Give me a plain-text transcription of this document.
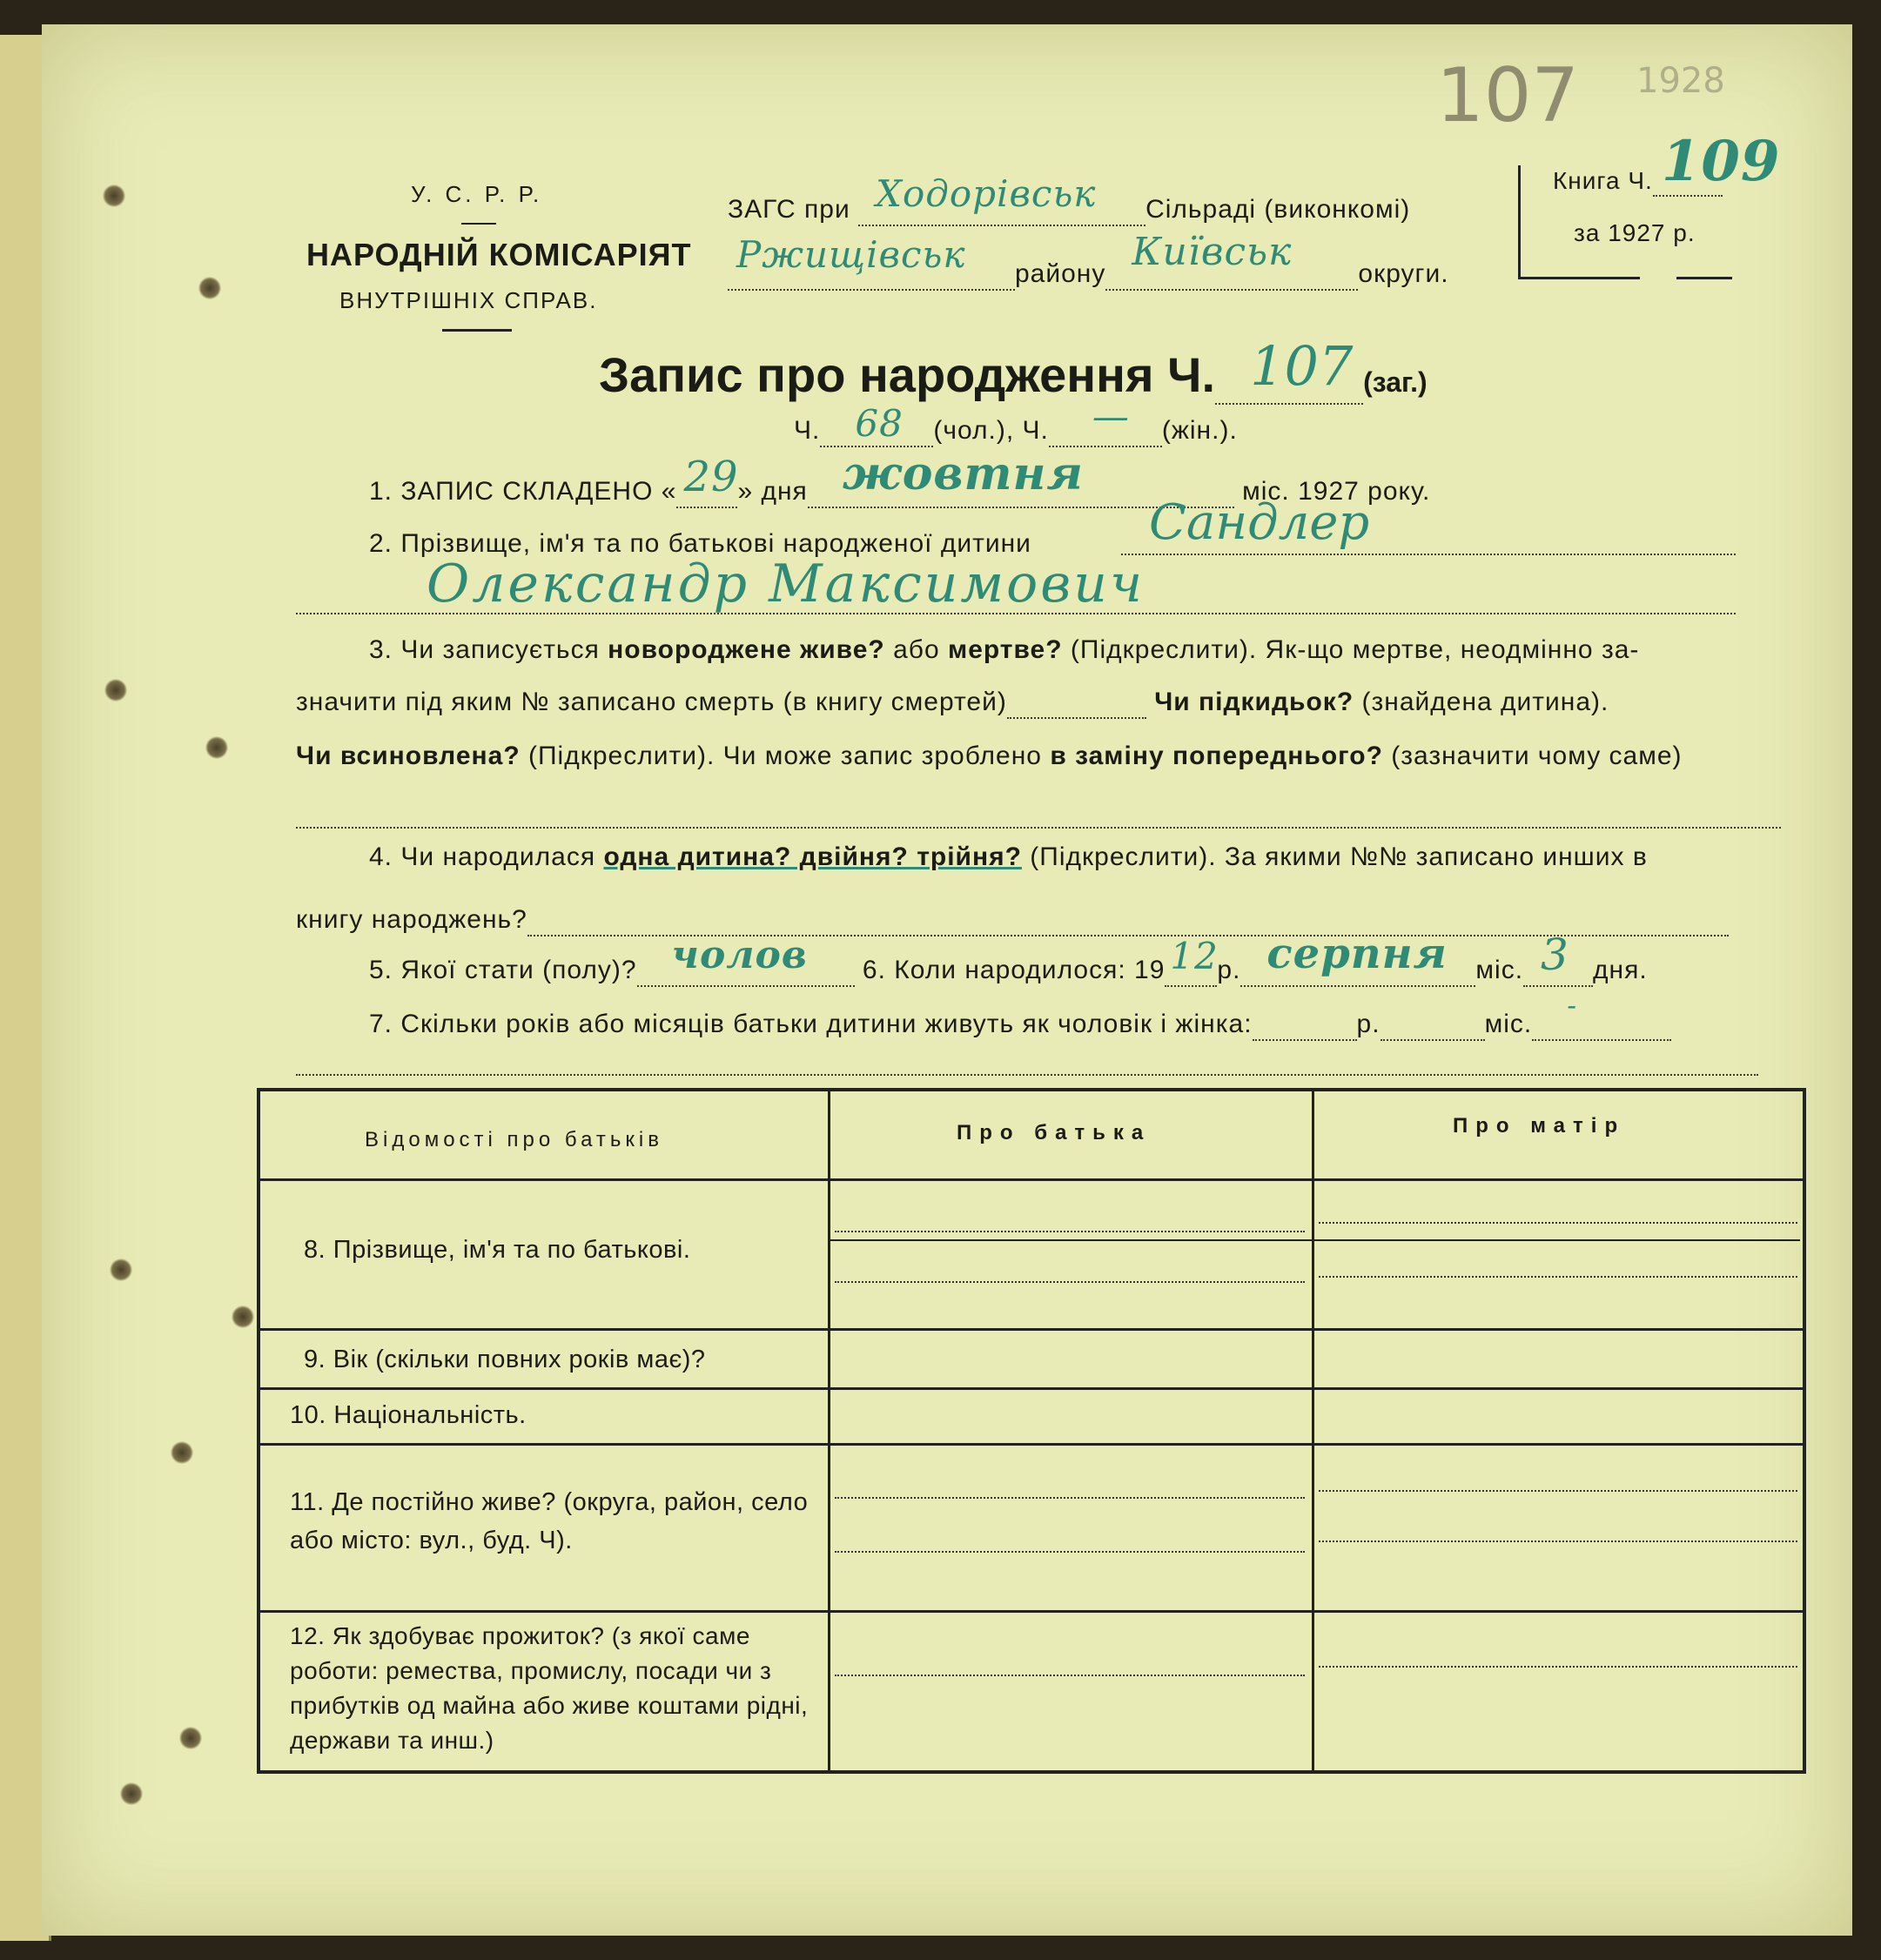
107 1928
У. С. Р. Р.
НАРОДНІЙ КОМІСАРІЯТ
ВНУТРІШНІХ СПРАВ.
ЗАГС при Ходорівськ Сільраді (виконкомі)
Ржищівськ району Київськ	округи.
Книга Ч. 109

за 1927 р.
Запис про народження Ч. 107 (заг.)
Ч. 68 (чол.), Ч. — (жін.).
1. ЗАПИС СКЛАДЕНО « 29
» дня жовтня	міс. 1927 року.
2. Прізвище, ім'я та по батькові народженої дитини Сандлер
Олександр Максимович
3. Чи записується новороджене живе? або мертве? (Підкреслити). Як-що мертве, неодмінно за-
значити під яким № записано смерть (в книгу смертей)	Чи підкидьок? (знайдена дитина).
Чи всиновлена? (Підкреслити). Чи може запис зроблено в заміну попереднього? (зазначити чому саме)
4. Чи народилася одна дитина? двійня? трійня? (Підкреслити). За якими №№ записано инших в
книгу народжень?
5. Якої стати (полу)? чолов 6. Коли народилося: 19 12
р. серпня міс. 3 дня.
7. Скільки років або місяців батьки дитини живуть як чоловік і жінка:	р.	міс.
-

Відомості про батьків	Про батька	Про матір
8. Прізвище, ім'я та по батькові.
9. Вік (скільки повних років має)?
10. Національність.
11. Де постійно живе? (округа, район, село або місто: вул., буд. Ч).
12. Як здобуває прожиток? (з якої саме роботи: ремества, промислу, посади чи з прибутків од майна або живе коштами рідні, держави та инш.)
